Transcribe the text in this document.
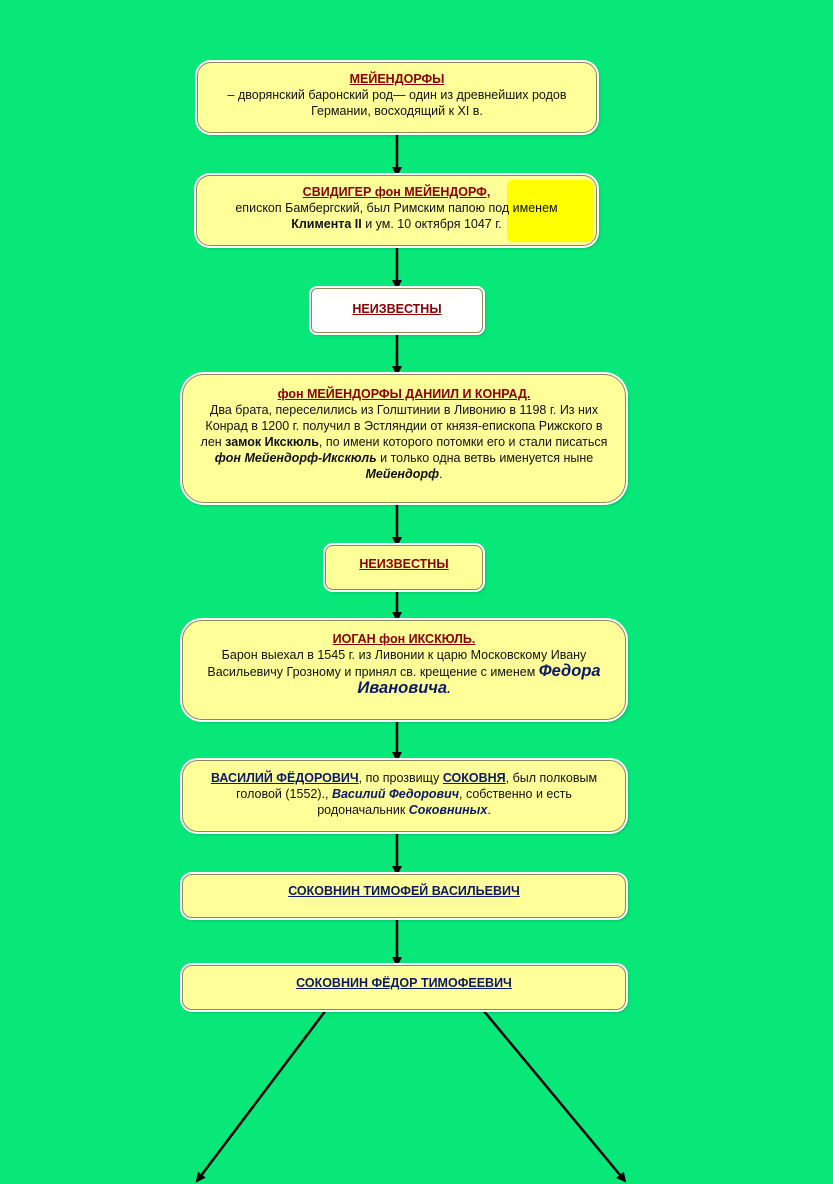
МЕЙЕНДОРФЫ
– дворянский баронский род— один из древнейших родов Германии, восходящий к XI в.
СВИДИГЕР фон МЕЙЕНДОРФ,
епископ Бамбергский, был Римским папою под именем Климента II и ум. 10 октября 1047 г.
НЕИЗВЕСТНЫ
фон МЕЙЕНДОРФЫ ДАНИИЛ И КОНРАД.
Два брата, переселились из Голштинии в Ливонию в 1198 г. Из них Конрад в 1200 г. получил в Эстляндии от князя-епископа Рижского в лен замок Икскюль, по имени которого потомки его и стали писаться фон Мейендорф-Икскюль и только одна ветвь именуется ныне Мейендорф.
НЕИЗВЕСТНЫ
ИОГАН фон ИКСКЮЛЬ.
Барон выехал в 1545 г. из Ливонии к царю Московскому Ивану Васильевичу Грозному и принял св. крещение с именем Федора Ивановича.
ВАСИЛИЙ ФЁДОРОВИЧ, по прозвищу СОКОВНЯ, был полковым головой (1552)., Василий Федорович, собственно и есть родоначальник Соковниных.
СОКОВНИН ТИМОФЕЙ ВАСИЛЬЕВИЧ
СОКОВНИН ФЁДОР ТИМОФЕЕВИЧ
